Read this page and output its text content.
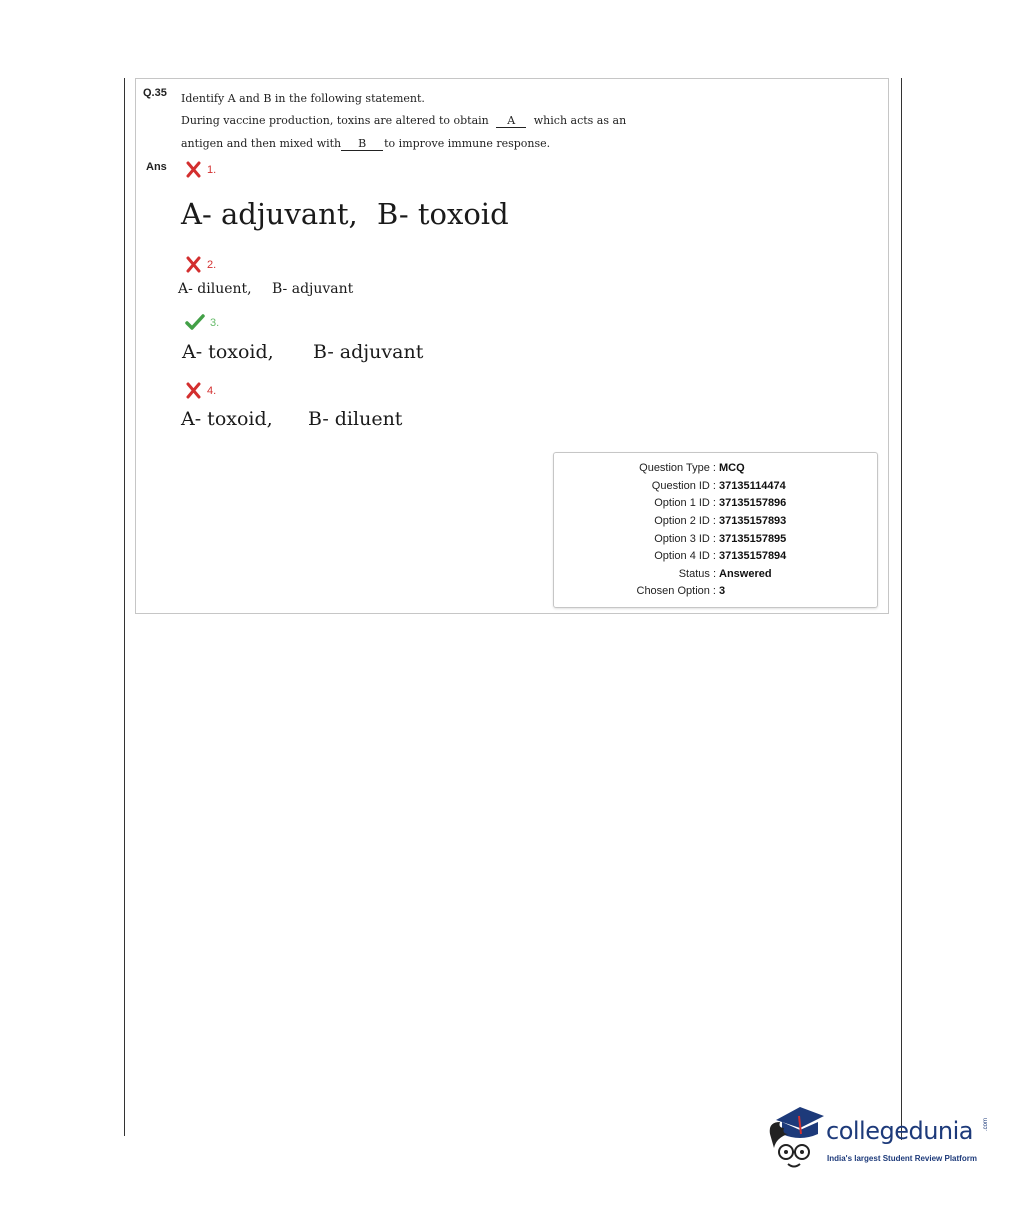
Q.35 Identify A and B in the following statement.
During vaccine production, toxins are altered to obtain A which acts as an
antigen and then mixed with B to improve immune response.
Ans	1.
A- adjuvant, B- toxoid
2.
A- diluent, B- adjuvant
3.
A- toxoid, B- adjuvant
4.
A- toxoid, B- diluent
Question Type : MCQ
Question ID : 37135114474
Option 1 ID : 37135157896
Option 2 ID : 37135157893
Option 3 ID : 37135157895
Option 4 ID : 37135157894
Status : Answered
Chosen Option : 3
collegedunia .com
India's largest Student Review Platform
